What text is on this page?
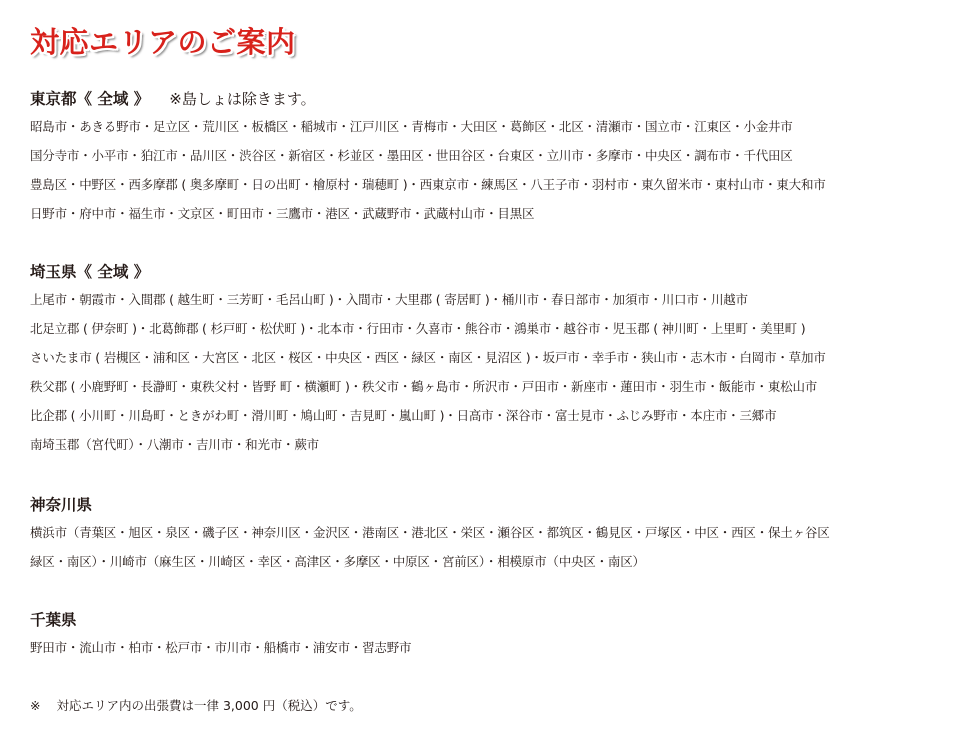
対応エリアのご案内
東京都《 全域 》 ※島しょは除きます。

昭島市・あきる野市・足立区・荒川区・板橋区・稲城市・江戸川区・青梅市・大田区・葛飾区・北区・清瀬市・国立市・江東区・小金井市

国分寺市・小平市・狛江市・品川区・渋谷区・新宿区・杉並区・墨田区・世田谷区・台東区・立川市・多摩市・中央区・調布市・千代田区

豊島区・中野区・西多摩郡 ( 奥多摩町・日の出町・檜原村・瑞穂町 )・西東京市・練馬区・八王子市・羽村市・東久留米市・東村山市・東大和市

日野市・府中市・福生市・文京区・町田市・三鷹市・港区・武蔵野市・武蔵村山市・目黒区

埼玉県《 全域 》

上尾市・朝霞市・入間郡 ( 越生町・三芳町・毛呂山町 )・入間市・大里郡 ( 寄居町 )・桶川市・春日部市・加須市・川口市・川越市

北足立郡 ( 伊奈町 )・北葛飾郡 ( 杉戸町・松伏町 )・北本市・行田市・久喜市・熊谷市・鴻巣市・越谷市・児玉郡 ( 神川町・上里町・美里町 )

さいたま市 ( 岩槻区・浦和区・大宮区・北区・桜区・中央区・西区・緑区・南区・見沼区 )・坂戸市・幸手市・狭山市・志木市・白岡市・草加市

秩父郡 ( 小鹿野町・長瀞町・東秩父村・皆野 町・横瀬町 )・秩父市・鶴ヶ島市・所沢市・戸田市・新座市・蓮田市・羽生市・飯能市・東松山市

比企郡 ( 小川町・川島町・ときがわ町・滑川町・鳩山町・吉見町・嵐山町 )・日高市・深谷市・富士見市・ふじみ野市・本庄市・三郷市

南埼玉郡（宮代町）・八潮市・吉川市・和光市・蕨市

神奈川県

横浜市（青葉区・旭区・泉区・磯子区・神奈川区・金沢区・港南区・港北区・栄区・瀬谷区・都筑区・鶴見区・戸塚区・中区・西区・保土ヶ谷区

緑区・南区）・川崎市（麻生区・川崎区・幸区・高津区・多摩区・中原区・宮前区）・相模原市（中央区・南区）

千葉県

野田市・流山市・柏市・松戸市・市川市・船橋市・浦安市・習志野市

※ 対応エリア内の出張費は一律 3,000 円（税込）です。
